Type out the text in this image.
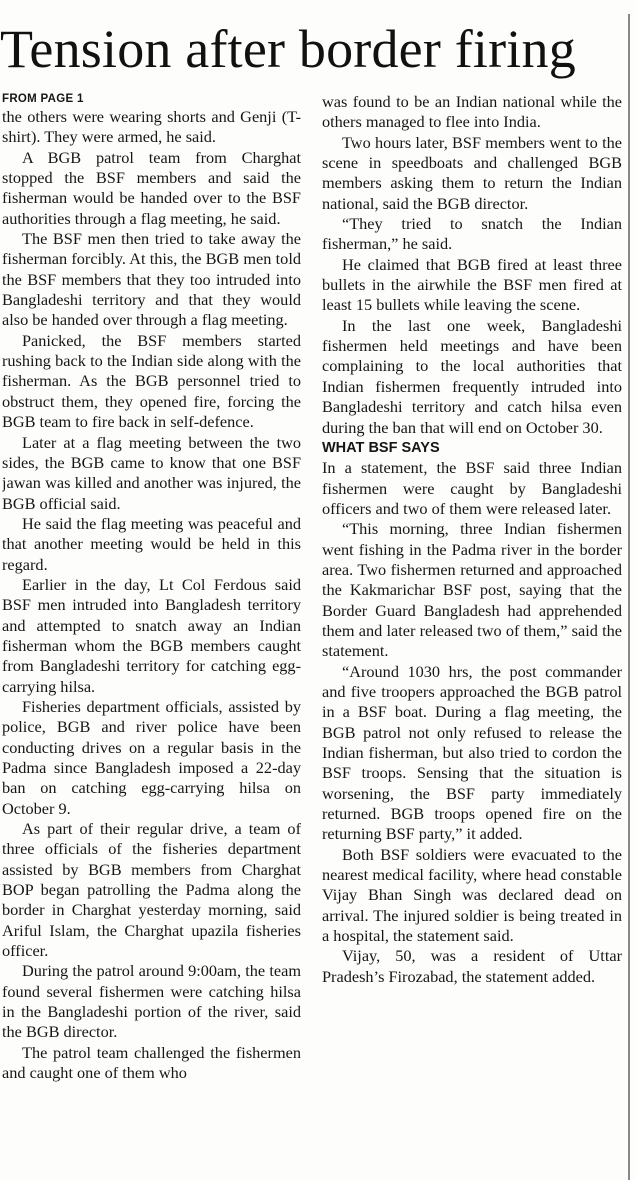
Tension after border firing
FROM PAGE 1

the others were wearing shorts and Genji (T-shirt). They were armed, he said.

A BGB patrol team from Charghat stopped the BSF members and said the fisherman would be handed over to the BSF authorities through a flag meeting, he said.

The BSF men then tried to take away the fisherman forcibly. At this, the BGB men told the BSF members that they too intruded into Bangladeshi territory and that they would also be handed over through a flag meeting.

Panicked, the BSF members started rushing back to the Indian side along with the fisherman. As the BGB personnel tried to obstruct them, they opened fire, forcing the BGB team to fire back in self-defence.

Later at a flag meeting between the two sides, the BGB came to know that one BSF jawan was killed and another was injured, the BGB official said.

He said the flag meeting was peaceful and that another meeting would be held in this regard.

Earlier in the day, Lt Col Ferdous said BSF men intruded into Bangladesh territory and attempted to snatch away an Indian fisherman whom the BGB members caught from Bangladeshi territory for catching egg-carrying hilsa.

Fisheries department officials, assisted by police, BGB and river police have been conducting drives on a regular basis in the Padma since Bangladesh imposed a 22-day ban on catching egg-carrying hilsa on October 9.

As part of their regular drive, a team of three officials of the fisheries department assisted by BGB members from Charghat BOP began patrolling the Padma along the border in Charghat yesterday morning, said Ariful Islam, the Charghat upazila fisheries officer.

During the patrol around 9:00am, the team found several fishermen were catching hilsa in the Bangladeshi portion of the river, said the BGB director.

The patrol team challenged the fishermen and caught one of them who

was found to be an Indian national while the others managed to flee into India.

Two hours later, BSF members went to the scene in speedboats and challenged BGB members asking them to return the Indian national, said the BGB director.

“They tried to snatch the Indian fisherman,” he said.

He claimed that BGB fired at least three bullets in the airwhile the BSF men fired at least 15 bullets while leaving the scene.

In the last one week, Bangladeshi fishermen held meetings and have been complaining to the local authorities that Indian fishermen frequently intruded into Bangladeshi territory and catch hilsa even during the ban that will end on October 30.

WHAT BSF SAYS

In a statement, the BSF said three Indian fishermen were caught by Bangladeshi officers and two of them were released later.

“This morning, three Indian fishermen went fishing in the Padma river in the border area. Two fishermen returned and approached the Kakmarichar BSF post, saying that the Border Guard Bangladesh had apprehended them and later released two of them,” said the statement.

“Around 1030 hrs, the post commander and five troopers approached the BGB patrol in a BSF boat. During a flag meeting, the BGB patrol not only refused to release the Indian fisherman, but also tried to cordon the BSF troops. Sensing that the situation is worsening, the BSF party immediately returned. BGB troops opened fire on the returning BSF party,” it added.

Both BSF soldiers were evacuated to the nearest medical facility, where head constable Vijay Bhan Singh was declared dead on arrival. The injured soldier is being treated in a hospital, the statement said.

Vijay, 50, was a resident of Uttar Pradesh’s Firozabad, the statement added.
